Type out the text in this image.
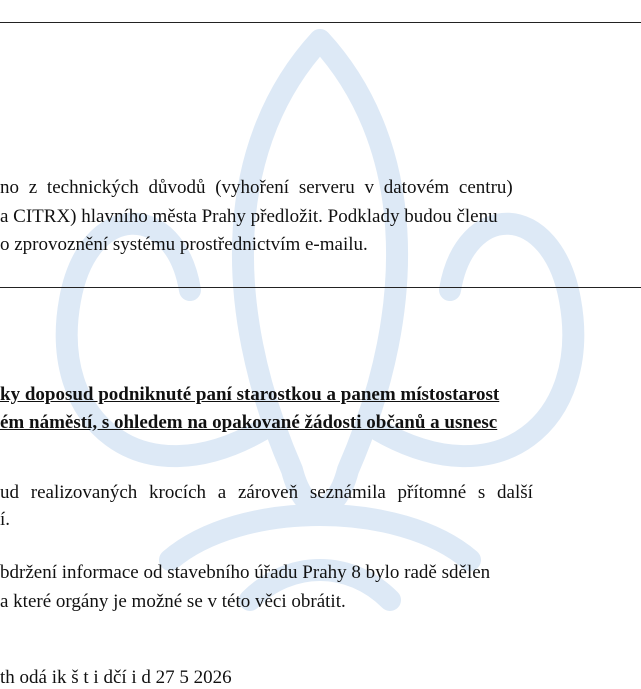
no z technických důvodů (vyhoření serveru v datovém centru)
a CITRX) hlavního města Prahy předložit. Podklady budou členu
o zprovoznění systému prostřednictvím e-mailu.
ky doposud podniknuté paní starostkou a panem místostarost
ém náměstí, s ohledem na opakované žádosti občanů a usnesc
ud realizovaných krocích a zároveň seznámila přítomné s další
í.
bdržení informace od stavebního úřadu Prahy 8 bylo radě sdělen
a které orgány je možné se v této věci obrátit.
th odá ik š t i dčí i d 27 5 2026
